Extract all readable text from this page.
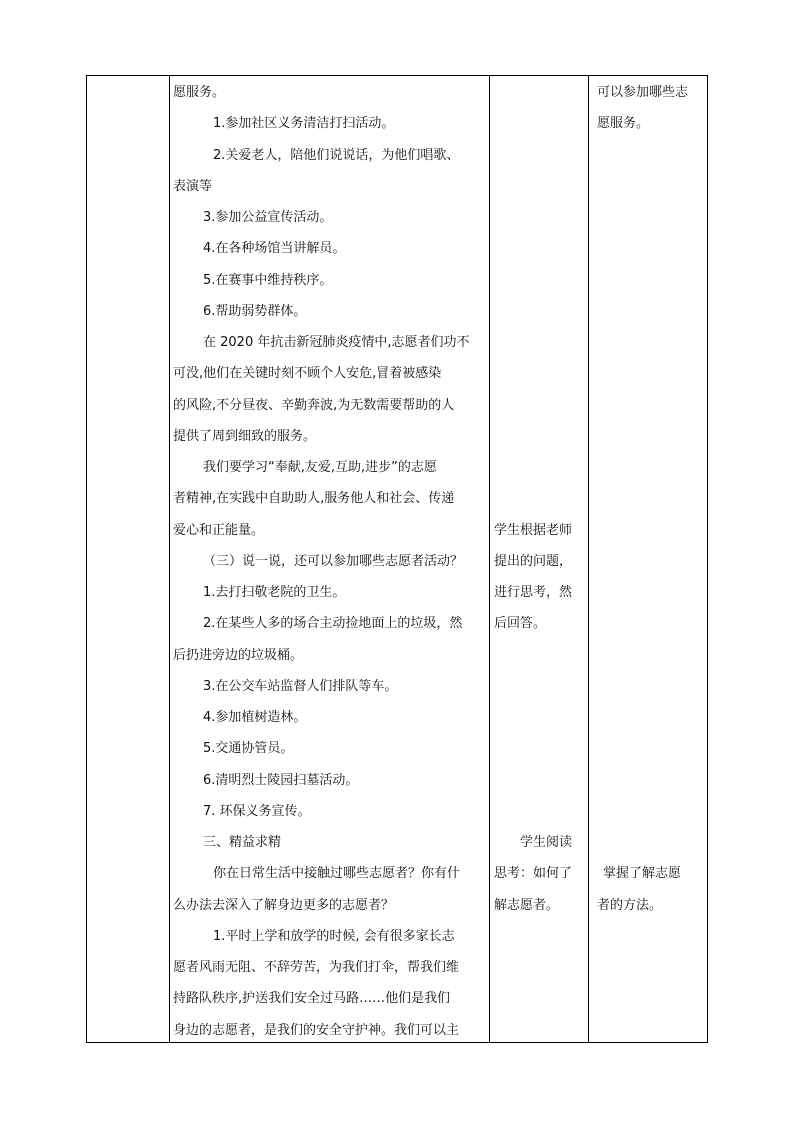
愿服务。
1.参加社区义务清洁打扫活动。
2.关爱老人，陪他们说说话，为他们唱歌、
表演等
3.参加公益宣传活动。
4.在各种场馆当讲解员。
5.在赛事中维持秩序。
6.帮助弱势群体。
在 2020 年抗击新冠肺炎疫情中,志愿者们功不
可没,他们在关键时刻不顾个人安危,冒着被感染
的风险,不分昼夜、辛勤奔波,为无数需要帮助的人
提供了周到细致的服务。
我们要学习“奉献,友爱,互助,进步”的志愿
者精神,在实践中自助助人,服务他人和社会、传递
爱心和正能量。
（三）说一说，还可以参加哪些志愿者活动？
1.去打扫敬老院的卫生。
2.在某些人多的场合主动捡地面上的垃圾，然
后扔进旁边的垃圾桶。
3.在公交车站监督人们排队等车。
4.参加植树造林。
5.交通协管员。
6.清明烈士陵园扫墓活动。
7. 环保义务宣传。
三、精益求精
你在日常生活中接触过哪些志愿者？你有什
么办法去深入了解身边更多的志愿者？
1.平时上学和放学的时候, 会有很多家长志
愿者风雨无阻、不辞劳苦，为我们打伞，帮我们维
持路队秩序,护送我们安全过马路……他们是我们
身边的志愿者，是我们的安全守护神。我们可以主
学生根据老师
提出的问题，
进行思考，然
后回答。
学生阅读
思考：如何了
解志愿者。
可以参加哪些志
愿服务。
掌握了解志愿
者的方法。
